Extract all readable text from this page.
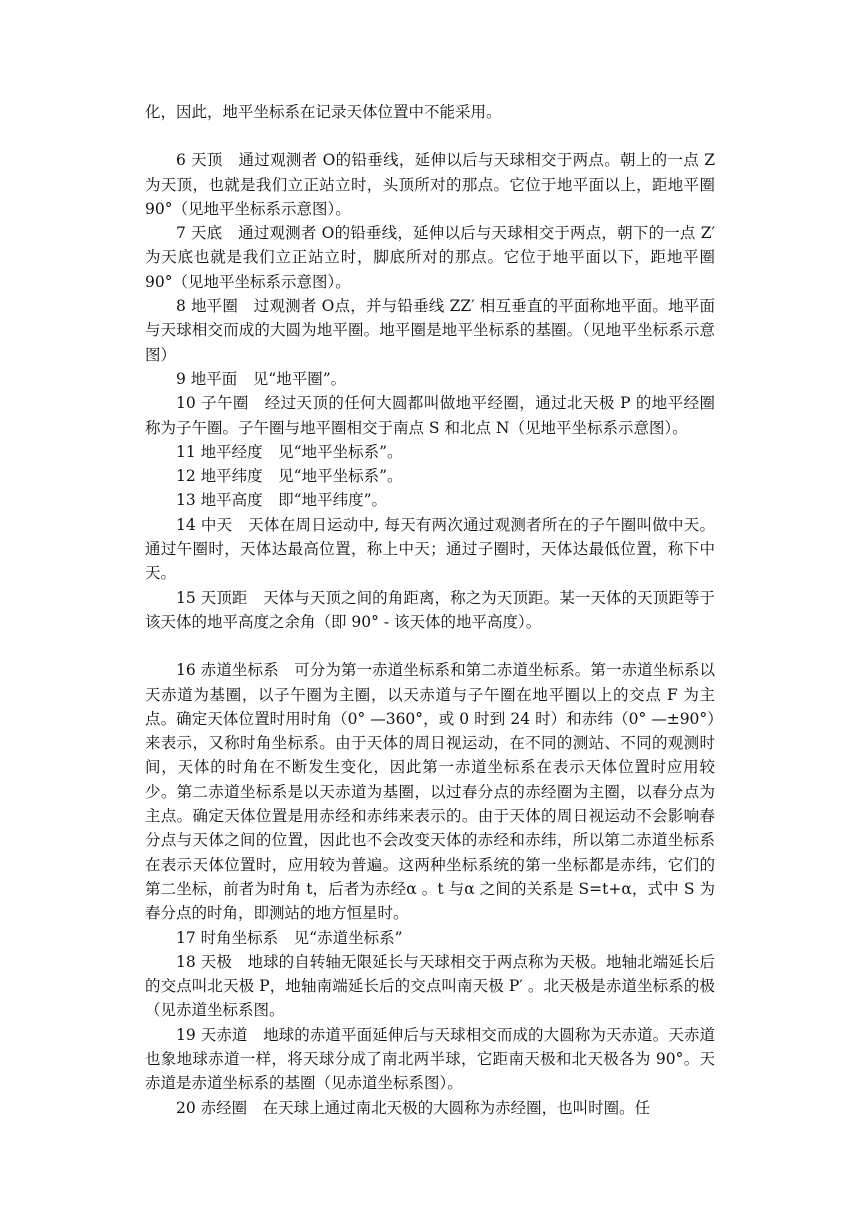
化，因此，地平坐标系在记录天体位置中不能采用。

6 天顶　通过观测者 O的铅垂线，延伸以后与天球相交于两点。朝上的一点 Z 为天顶，也就是我们立正站立时，头顶所对的那点。它位于地平面以上，距地平圈 90°（见地平坐标系示意图）。

7 天底　通过观测者 O的铅垂线，延伸以后与天球相交于两点，朝下的一点 Z′ 为天底也就是我们立正站立时，脚底所对的那点。它位于地平面以下，距地平圈 90°（见地平坐标系示意图）。

8 地平圈　过观测者 O点，并与铅垂线 ZZ′ 相互垂直的平面称地平面。地平面与天球相交而成的大圆为地平圈。地平圈是地平坐标系的基圈。（见地平坐标系示意图）

9 地平面　见“地平圈”。

10 子午圈　经过天顶的任何大圆都叫做地平经圈，通过北天极 P 的地平经圈称为子午圈。子午圈与地平圈相交于南点 S 和北点 N（见地平坐标系示意图）。

11 地平经度　见“地平坐标系”。

12 地平纬度　见“地平坐标系”。

13 地平高度　即“地平纬度”。

14 中天　天体在周日运动中, 每天有两次通过观测者所在的子午圈叫做中天。通过午圈时，天体达最高位置，称上中天；通过子圈时，天体达最低位置，称下中天。

15 天顶距　天体与天顶之间的角距离，称之为天顶距。某一天体的天顶距等于该天体的地平高度之余角（即 90° - 该天体的地平高度）。

16 赤道坐标系　可分为第一赤道坐标系和第二赤道坐标系。第一赤道坐标系以天赤道为基圈，以子午圈为主圈，以天赤道与子午圈在地平圈以上的交点 F 为主点。确定天体位置时用时角（0° —360°，或 0 时到 24 时）和赤纬（0° —±90°）来表示，又称时角坐标系。由于天体的周日视运动，在不同的测站、不同的观测时间，天体的时角在不断发生变化，因此第一赤道坐标系在表示天体位置时应用较少。第二赤道坐标系是以天赤道为基圈，以过春分点的赤经圈为主圈，以春分点为主点。确定天体位置是用赤经和赤纬来表示的。由于天体的周日视运动不会影响春分点与天体之间的位置，因此也不会改变天体的赤经和赤纬，所以第二赤道坐标系在表示天体位置时，应用较为普遍。这两种坐标系统的第一坐标都是赤纬，它们的第二坐标，前者为时角 t，后者为赤经α 。t 与α 之间的关系是 S=t+α，式中 S 为春分点的时角，即测站的地方恒星时。

17 时角坐标系　见“赤道坐标系”

18 天极　地球的自转轴无限延长与天球相交于两点称为天极。地轴北端延长后的交点叫北天极 P，地轴南端延长后的交点叫南天极 P′ 。北天极是赤道坐标系的极（见赤道坐标系图。

19 天赤道　地球的赤道平面延伸后与天球相交而成的大圆称为天赤道。天赤道也象地球赤道一样，将天球分成了南北两半球，它距南天极和北天极各为 90°。天赤道是赤道坐标系的基圈（见赤道坐标系图）。

20 赤经圈　在天球上通过南北天极的大圆称为赤经圈，也叫时圈。任
